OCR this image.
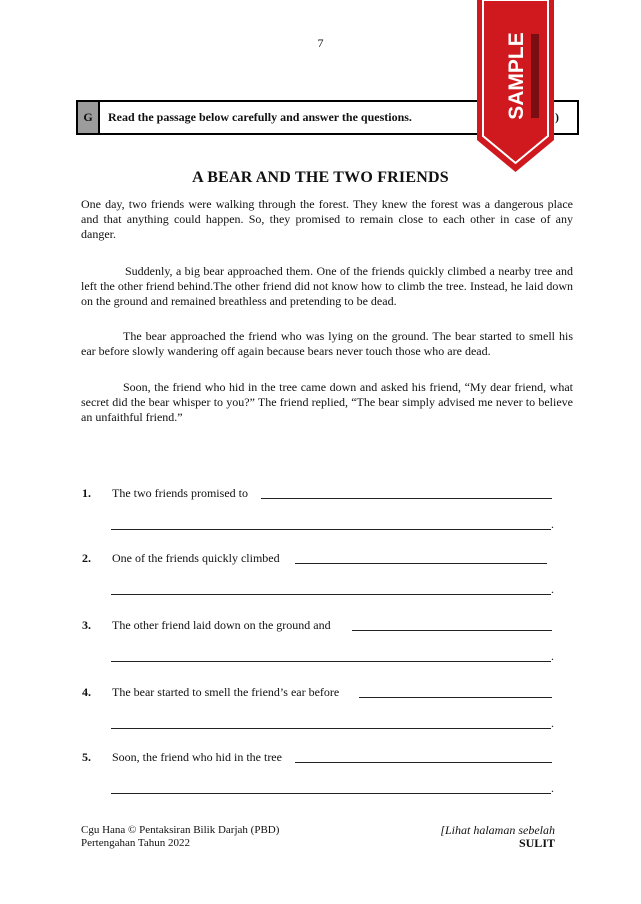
7
G	Read the passage below carefully and answer the questions.	)
SAMPLE
A BEAR AND THE TWO FRIENDS

One day, two friends were walking through the forest. They knew the forest was a dangerous place and that anything could happen. So, they promised to remain close to each other in case of any danger.

Suddenly, a big bear approached them. One of the friends quickly climbed a nearby tree and left the other friend behind.The other friend did not know how to climb the tree. Instead, he laid down on the ground and remained breathless and pretending to be dead.

The bear approached the friend who was lying on the ground. The bear started to smell his ear before slowly wandering off again because bears never touch those who are dead.

Soon, the friend who hid in the tree came down and asked his friend, “My dear friend, what secret did the bear whisper to you?” The friend replied, “The bear simply advised me never to believe an unfaithful friend.”

1. The two friends promised to
.
2. One of the friends quickly climbed
.
3. The other friend laid down on the ground and
.
4. The bear started to smell the friend’s ear before
.
5. Soon, the friend who hid in the tree
.
Cgu Hana © Pentaksiran Bilik Darjah (PBD)
Pertengahan Tahun 2022
[Lihat halaman sebelah
SULIT
